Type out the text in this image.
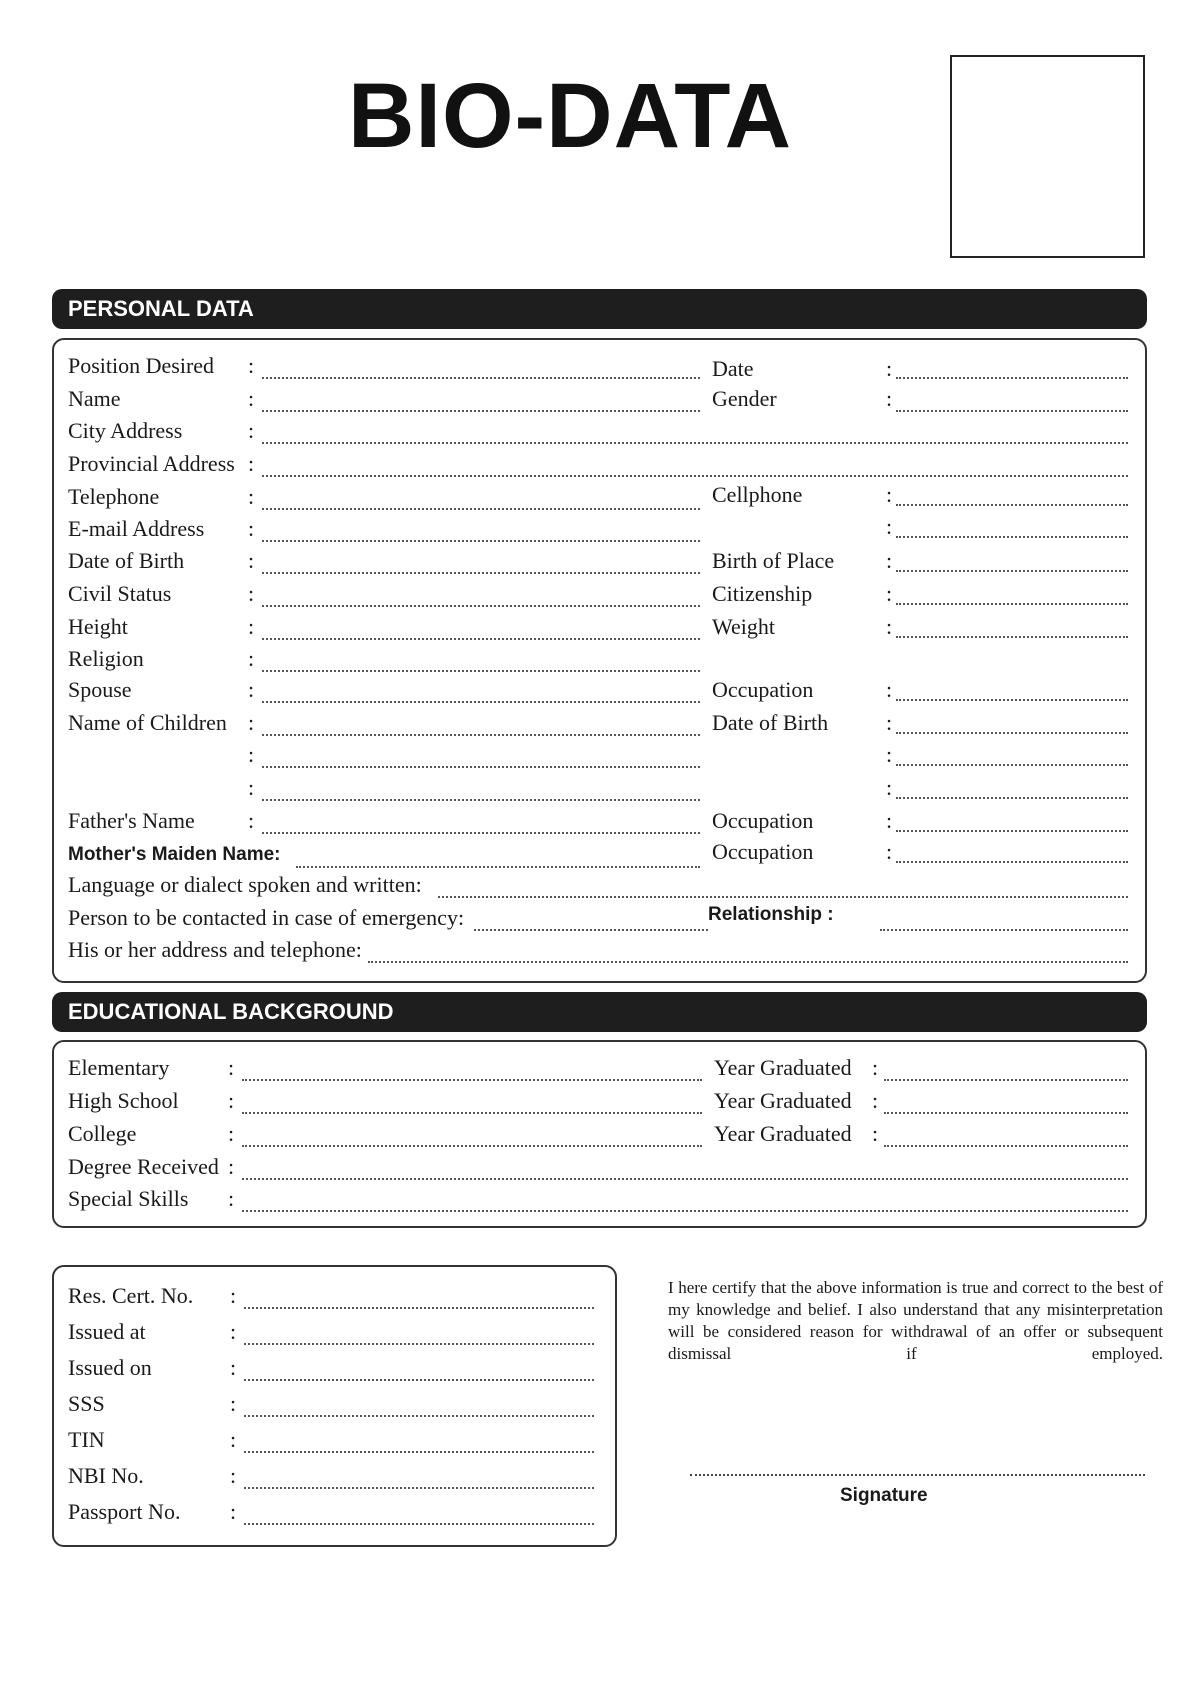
BIO-DATA
PERSONAL DATA
Position Desired
Name
City Address
Provincial Address
Telephone
E-mail Address
Date of Birth
Civil Status
Height
Religion
Spouse
Name of Children
Father's Name
:
:
:
:
:
:
:
:
:
:
:
:
:
:
:
Date
Gender
Cellphone
Birth of Place
Citizenship
Weight
Occupation
Date of Birth
Occupation
Occupation
:
:
:
:
:
:
:
:
:
:
:
:
:
Mother's Maiden Name:
Language or dialect spoken and written:
Person to be contacted in case of emergency:	Relationship :
His or her address and telephone:
EDUCATIONAL BACKGROUND
Elementary
High School
College
Degree Received
Special Skills
:
:
:
:
:
Year Graduated
Year Graduated
Year Graduated
:
:
:
Res. Cert. No.
Issued at
Issued on
SSS
TIN
NBI No.
Passport No.
:
:
:
:
:
:
:
I here certify that the above information is true and correct to the best of my knowledge and belief. I also understand that any misinterpretation will be considered reason for withdrawal of an offer or subsequent dismissal if employed.
Signature
